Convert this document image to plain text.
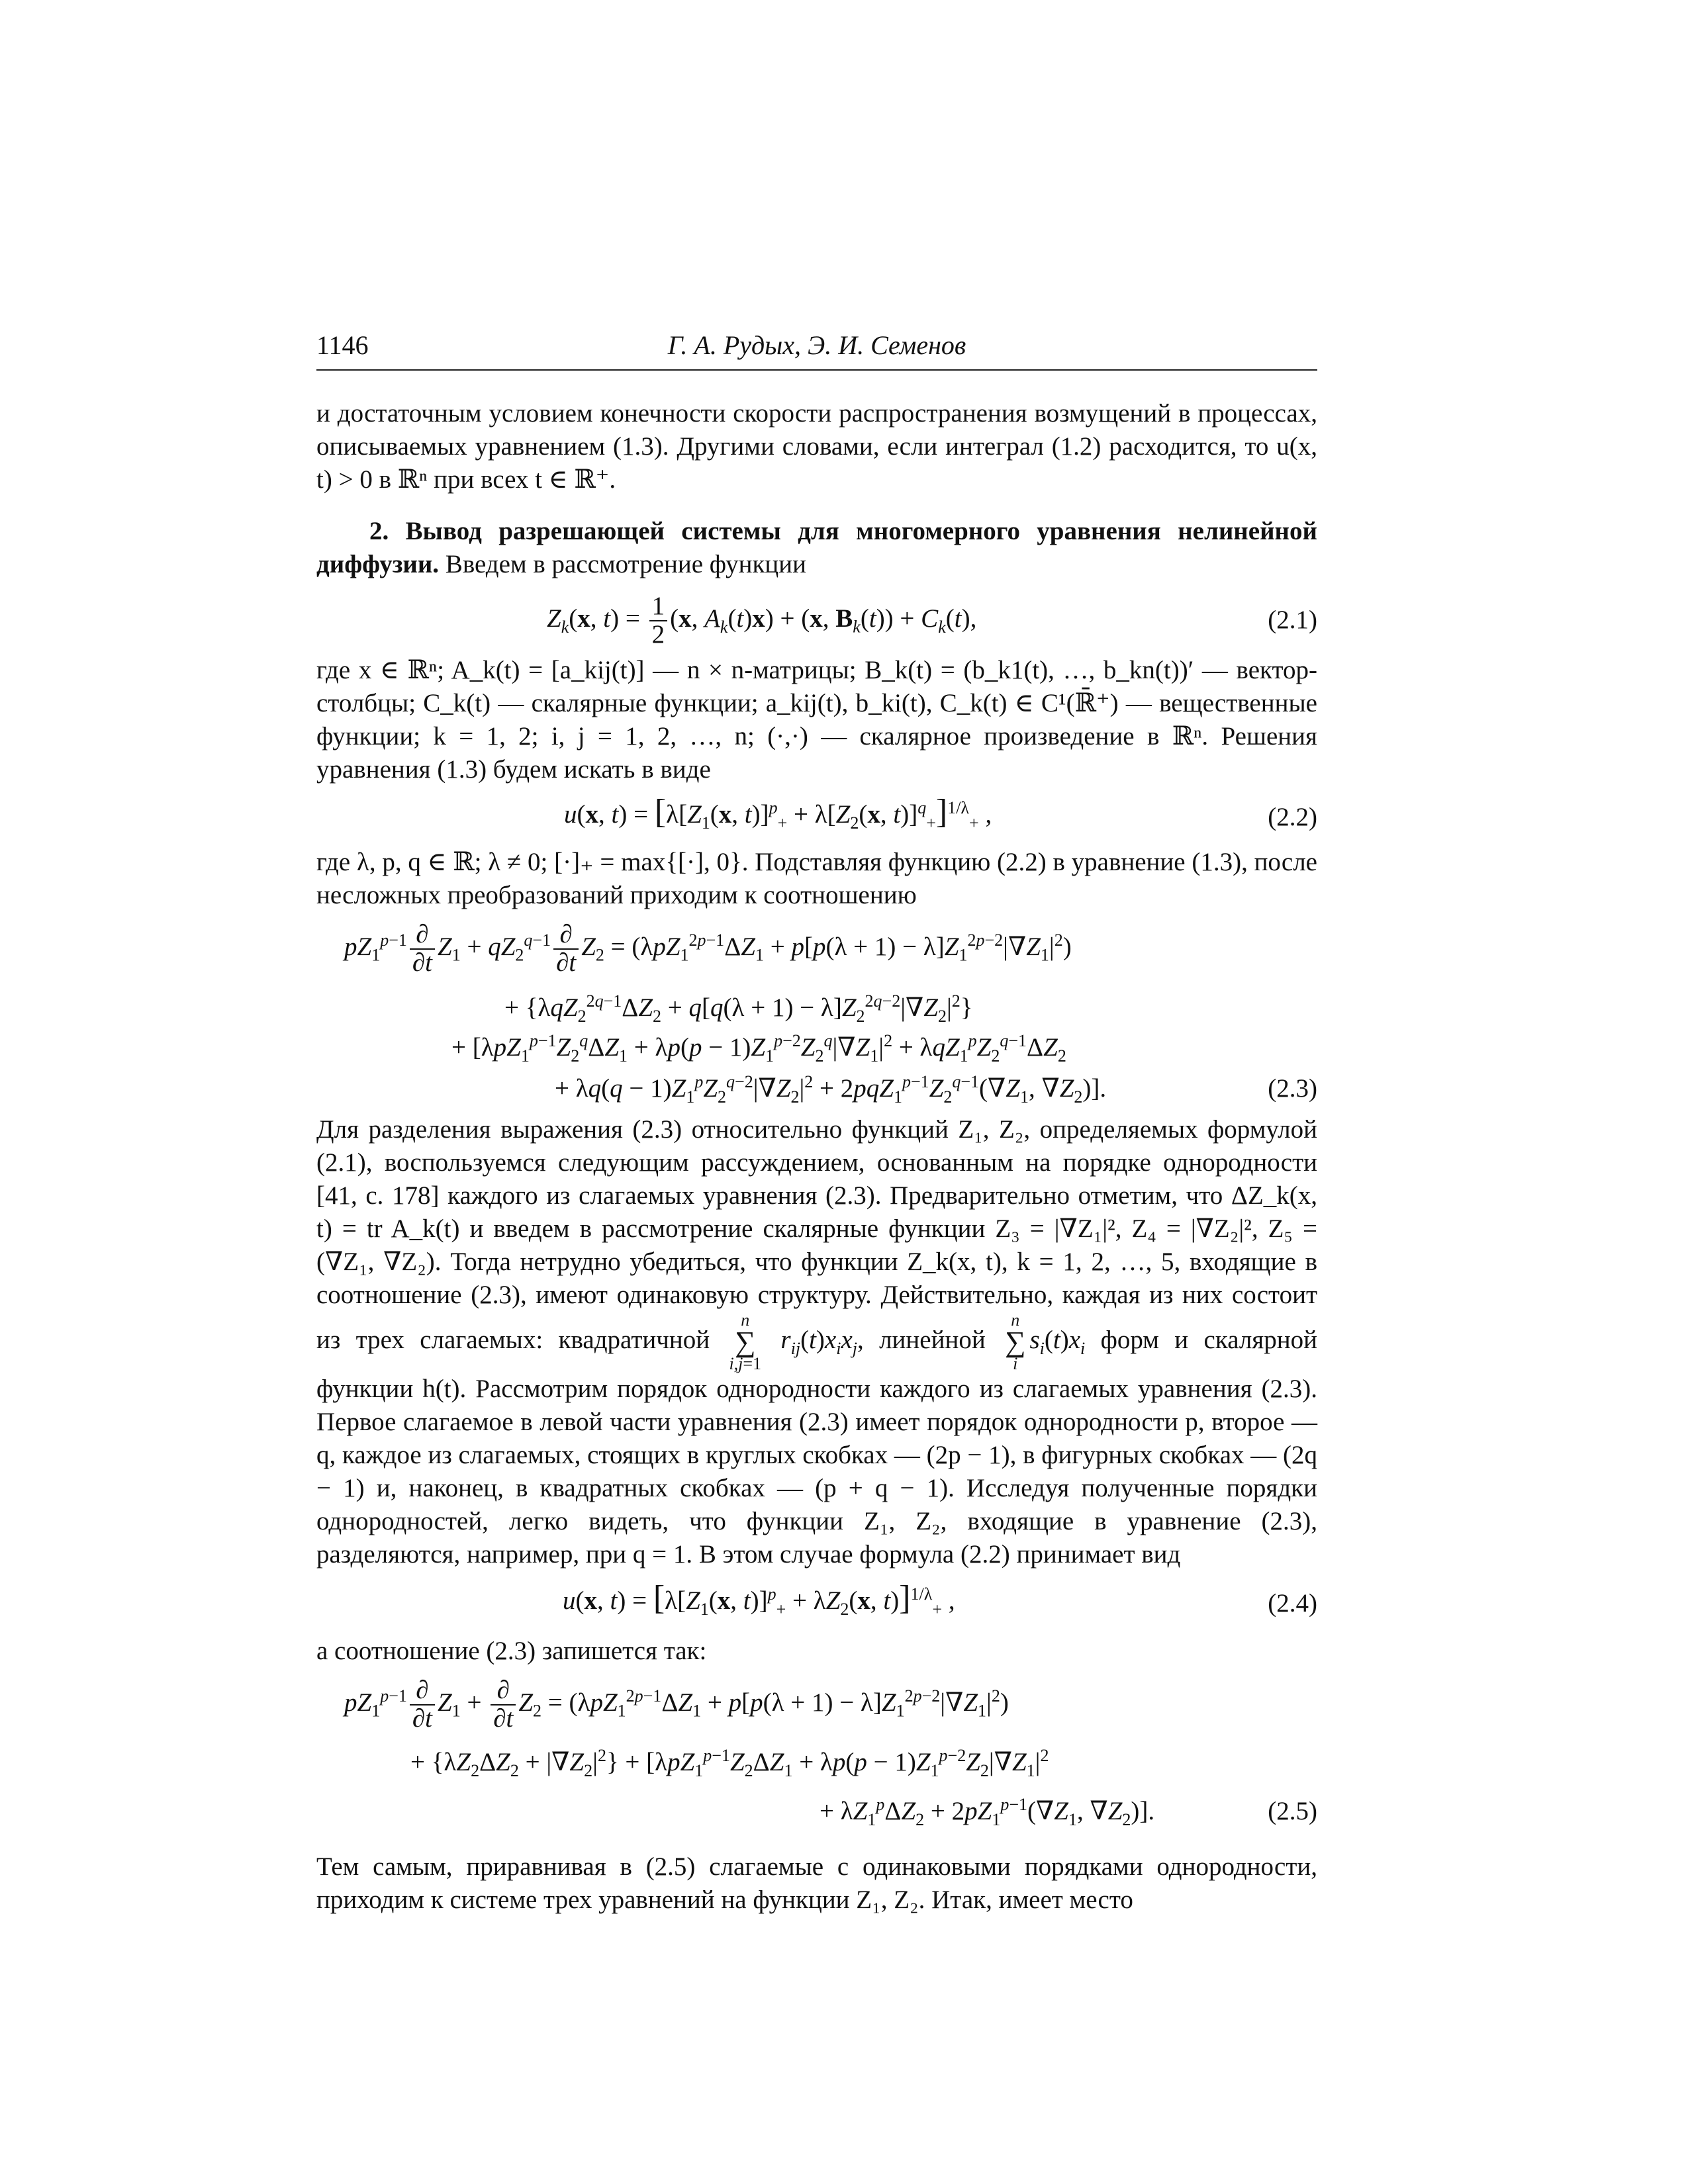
1146	Г. А. Рудых, Э. И. Семенов

и достаточным условием конечности скорости распространения возмущений в процессах, описываемых уравнением (1.3). Другими словами, если интеграл (1.2) расходится, то u(x, t) > 0 в ℝⁿ при всех t ∈ ℝ⁺.

2. Вывод разрешающей системы для многомерного уравнения нелинейной диффузии. Введем в рассмотрение функции

$Z_k(x$, $t) = \frac{1}{2} (x$, $A_k(t)x) + (x$, $B_k(t)) + C_k(t)$,	(2.1)

где x ∈ ℝⁿ; A_k(t) = [a_kij(t)] — n × n-матрицы; B_k(t) = (b_k1(t), …, b_kn(t))′ — вектор-столбцы; C_k(t) — скалярные функции; a_kij(t), b_ki(t), C_k(t) ∈ C¹(ℝ̄⁺) — вещественные функции; k = 1, 2; i, j = 1, 2, …, n; (·,·) — скалярное произведение в ℝⁿ. Решения уравнения (1.3) будем искать в виде

u(x, $t) = [\lambda[Z_1(x$, $t)]^p_+ + \lambda[Z_2(x$, t)]$^q_+$]$^{1/\lambda}_+$ ,	(2.2)

где λ, p, q ∈ ℝ; λ ≠ 0; [·]₊ = max{[·], 0}. Подставляя функцию (2.2) в уравнение (1.3), после несложных преобразований приходим к соотношению

$pZ_1^{p-1} \frac{\partial}{\partial t} Z_1 + qZ_2^{q-1} \frac{\partial}{\partial t} Z_2 = (\lambda pZ_1^{2p-1}\Delta Z_1 + p[p(\lambda + 1) - \lambda]Z_1^{2p-2}|\nabla Z_1|^2)$
+ $\{\lambda qZ_2^{2q-1}\Delta Z_2 + q[q(\lambda + 1) - \lambda]Z_2^{2q-2}|\nabla Z_2|^2\}$
+ [$\lambda pZ_1^{p-1}Z_2^q\Delta Z_1 + \lambda p(p - 1)Z_1^{p-2}Z_2^q|\nabla Z_1|^2 + \lambda qZ_1^pZ_2^{q-1}\Delta Z_2$
+ $\lambda q(q - 1)Z_1^pZ_2^{q-2}|\nabla Z_2|^2 + 2pqZ_1^{p-1}Z_2^{q-1}(\nabla Z_1$, $\nabla Z_2$)].	(2.3)

Для разделения выражения (2.3) относительно функций Z₁, Z₂, определяемых формулой (2.1), воспользуемся следующим рассуждением, основанным на порядке однородности [41, с. 178] каждого из слагаемых уравнения (2.3). Предварительно отметим, что ΔZ_k(x, t) = tr A_k(t) и введем в рассмотрение скалярные функции Z₃ = |∇Z₁|², Z₄ = |∇Z₂|², Z₅ = (∇Z₁, ∇Z₂). Тогда нетрудно убедиться, что функции Z_k(x, t), k = 1, 2, …, 5, входящие в соотношение (2.3), имеют одинаковую структуру. Действительно, каждая из них состоит из трех слагаемых: квадратичной
n
∑
i,j=1
$r_{ij}(t)x_ix_j$, линейной
n
∑
i
$s_i(t)x_i$ форм и скалярной функции h(t). Рассмотрим порядок однородности каждого из слагаемых уравнения (2.3). Первое слагаемое в левой части уравнения (2.3) имеет порядок однородности p, второе — q, каждое из слагаемых, стоящих в круглых скобках — (2p − 1), в фигурных скобках — (2q − 1) и, наконец, в квадратных скобках — (p + q − 1). Исследуя полученные порядки однородностей, легко видеть, что функции Z₁, Z₂, входящие в уравнение (2.3), разделяются, например, при q = 1. В этом случае формула (2.2) принимает вид

u(x, $t) = [\lambda[Z_1(x$, $t)]^p_+ + \lambda Z_2(x$, t)]$^{1/\lambda}_+$ ,	(2.4)

а соотношение (2.3) запишется так:

$pZ_1^{p-1} \frac{\partial}{\partial t} Z_1 + \frac{\partial}{\partial t} Z_2 = (\lambda pZ_1^{2p-1}\Delta Z_1 + p[p(\lambda + 1) - \lambda]Z_1^{2p-2}|\nabla Z_1|^2)$
+ $\{\lambda Z_2\Delta Z_2 + |\nabla Z_2|^2\} + [\lambda pZ_1^{p-1}Z_2\Delta Z_1 + \lambda p(p - 1)Z_1^{p-2}Z_2|\nabla Z_1|^2$
+ $\lambda Z_1^p\Delta Z_2 + 2pZ_1^{p-1}(\nabla Z_1$, $\nabla Z_2$)].	(2.5)

Тем самым, приравнивая в (2.5) слагаемые с одинаковыми порядками однородности, приходим к системе трех уравнений на функции Z₁, Z₂. Итак, имеет место
